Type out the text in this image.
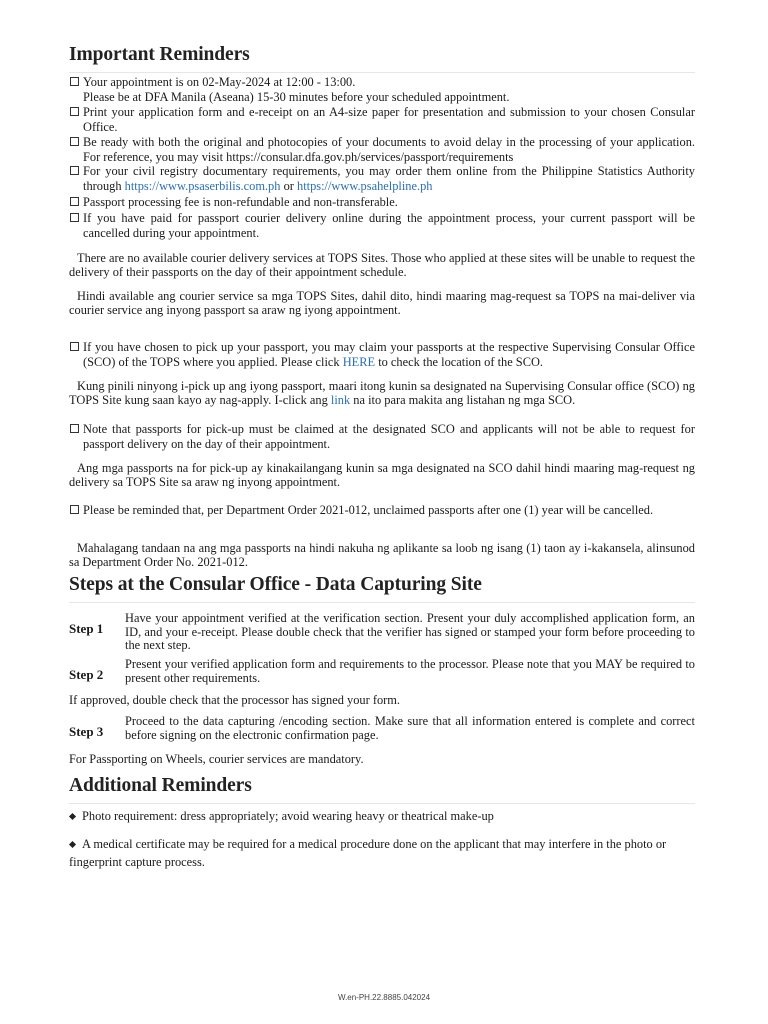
Important Reminders
Your appointment is on 02-May-2024 at 12:00 - 13:00.
Please be at DFA Manila (Aseana) 15-30 minutes before your scheduled appointment.
Print your application form and e-receipt on an A4-size paper for presentation and submission to your chosen Consular Office.
Be ready with both the original and photocopies of your documents to avoid delay in the processing of your application. For reference, you may visit https://consular.dfa.gov.ph/services/passport/requirements
For your civil registry documentary requirements, you may order them online from the Philippine Statistics Authority through https://www.psaserbilis.com.ph or https://www.psahelpline.ph
Passport processing fee is non-refundable and non-transferable.
If you have paid for passport courier delivery online during the appointment process, your current passport will be cancelled during your appointment.
There are no available courier delivery services at TOPS Sites. Those who applied at these sites will be unable to request the delivery of their passports on the day of their appointment schedule.
Hindi available ang courier service sa mga TOPS Sites, dahil dito, hindi maaring mag-request sa TOPS na mai-deliver via courier service ang inyong passport sa araw ng iyong appointment.
If you have chosen to pick up your passport, you may claim your passports at the respective Supervising Consular Office (SCO) of the TOPS where you applied. Please click HERE to check the location of the SCO.
Kung pinili ninyong i-pick up ang iyong passport, maari itong kunin sa designated na Supervising Consular office (SCO) ng TOPS Site kung saan kayo ay nag-apply. I-click ang link na ito para makita ang listahan ng mga SCO.
Note that passports for pick-up must be claimed at the designated SCO and applicants will not be able to request for passport delivery on the day of their appointment.
Ang mga passports na for pick-up ay kinakailangang kunin sa mga designated na SCO dahil hindi maaring mag-request ng delivery sa TOPS Site sa araw ng inyong appointment.
Please be reminded that, per Department Order 2021-012, unclaimed passports after one (1) year will be cancelled.
Mahalagang tandaan na ang mga passports na hindi nakuha ng aplikante sa loob ng isang (1) taon ay i-kakansela, alinsunod sa Department Order No. 2021-012.
Steps at the Consular Office - Data Capturing Site
Step 1
Have your appointment verified at the verification section. Present your duly accomplished application form, an ID, and your e-receipt. Please double check that the verifier has signed or stamped your form before proceeding to the next step.
Step 2
Present your verified application form and requirements to the processor. Please note that you MAY be required to present other requirements.
If approved, double check that the processor has signed your form.
Step 3
Proceed to the data capturing /encoding section. Make sure that all information entered is complete and correct before signing on the electronic confirmation page.
For Passporting on Wheels, courier services are mandatory.
Additional Reminders
Photo requirement: dress appropriately; avoid wearing heavy or theatrical make-up
A medical certificate may be required for a medical procedure done on the applicant that may interfere in the photo or fingerprint capture process.
W.en-PH.22.8885.042024
